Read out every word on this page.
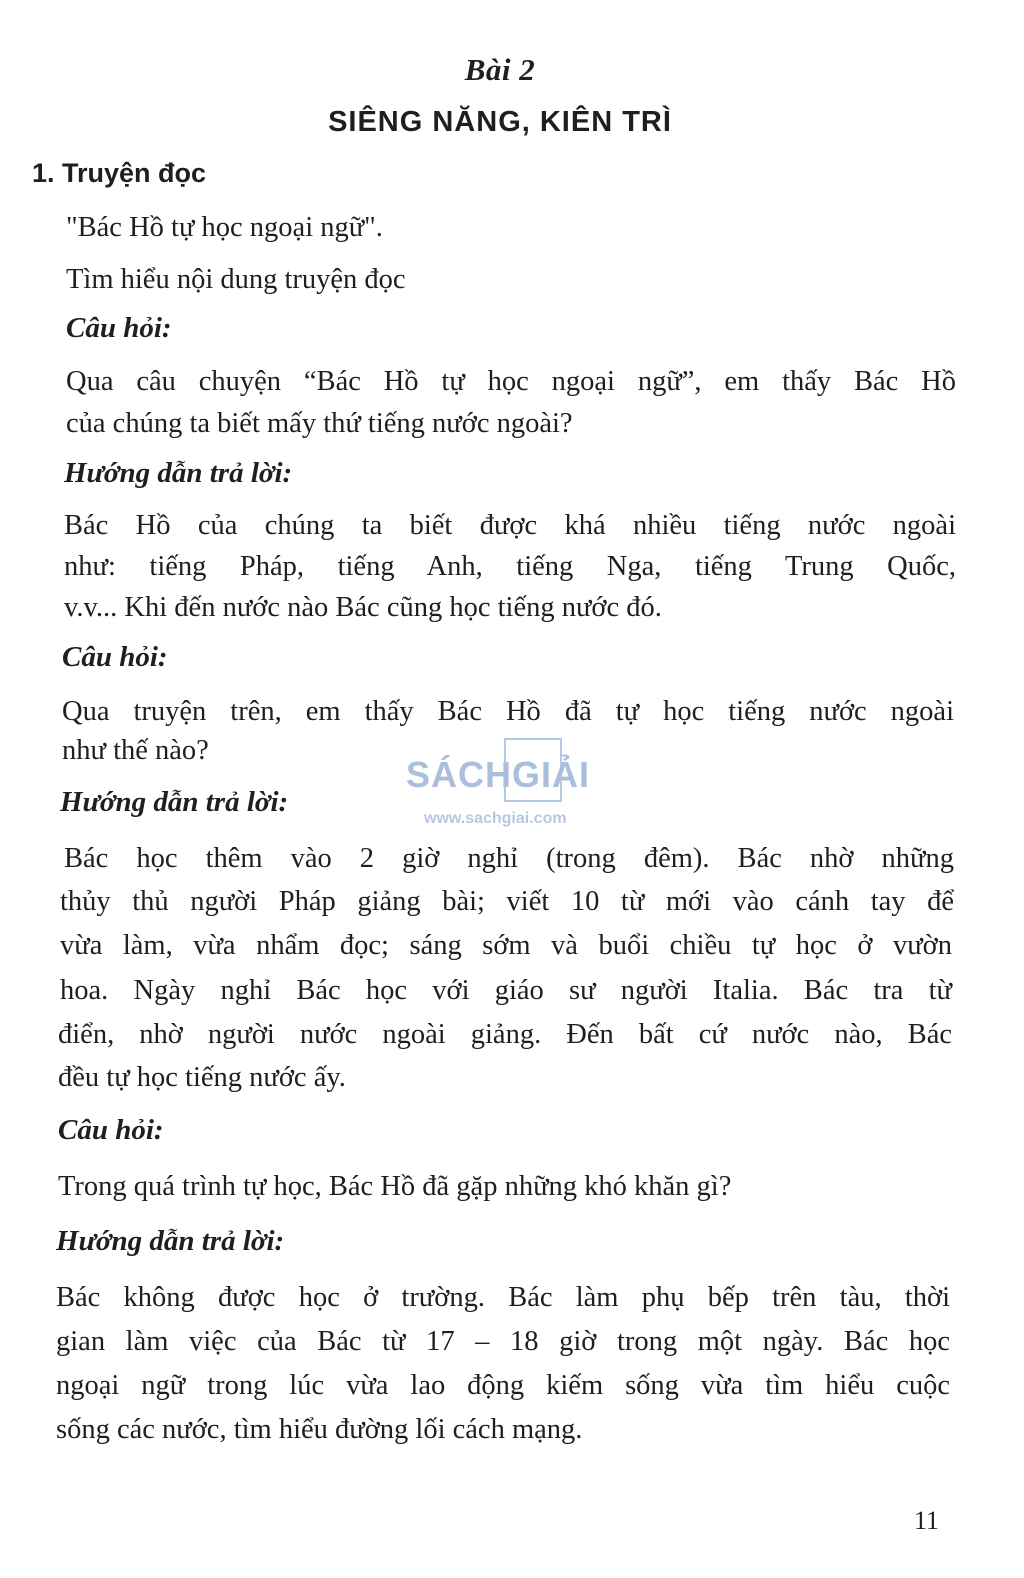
Bài 2
SIÊNG NĂNG, KIÊN TRÌ
1. Truyện đọc
"Bác Hồ tự học ngoại ngữ".
Tìm hiểu nội dung truyện đọc
Câu hỏi:
Qua câu chuyện “Bác Hồ tự học ngoại ngữ”, em thấy Bác Hồ
của chúng ta biết mấy thứ tiếng nước ngoài?
Hướng dẫn trả lời:
Bác Hồ của chúng ta biết được khá nhiều tiếng nước ngoài
như: tiếng Pháp, tiếng Anh, tiếng Nga, tiếng Trung Quốc,
v.v... Khi đến nước nào Bác cũng học tiếng nước đó.
Câu hỏi:
Qua truyện trên, em thấy Bác Hồ đã tự học tiếng nước ngoài
như thế nào?
Hướng dẫn trả lời:
Bác học thêm vào 2 giờ nghỉ (trong đêm). Bác nhờ những
thủy thủ người Pháp giảng bài; viết 10 từ mới vào cánh tay để
vừa làm, vừa nhẩm đọc; sáng sớm và buổi chiều tự học ở vườn
hoa. Ngày nghỉ Bác học với giáo sư người Italia. Bác tra từ
điển, nhờ người nước ngoài giảng. Đến bất cứ nước nào, Bác
đều tự học tiếng nước ấy.
Câu hỏi:
Trong quá trình tự học, Bác Hồ đã gặp những khó khăn gì?
Hướng dẫn trả lời:
Bác không được học ở trường. Bác làm phụ bếp trên tàu, thời
gian làm việc của Bác từ 17 – 18 giờ trong một ngày. Bác học
ngoại ngữ trong lúc vừa lao động kiếm sống vừa tìm hiểu cuộc
sống các nước, tìm hiểu đường lối cách mạng.
SÁCHGIẢI
www.sachgiai.com
11
